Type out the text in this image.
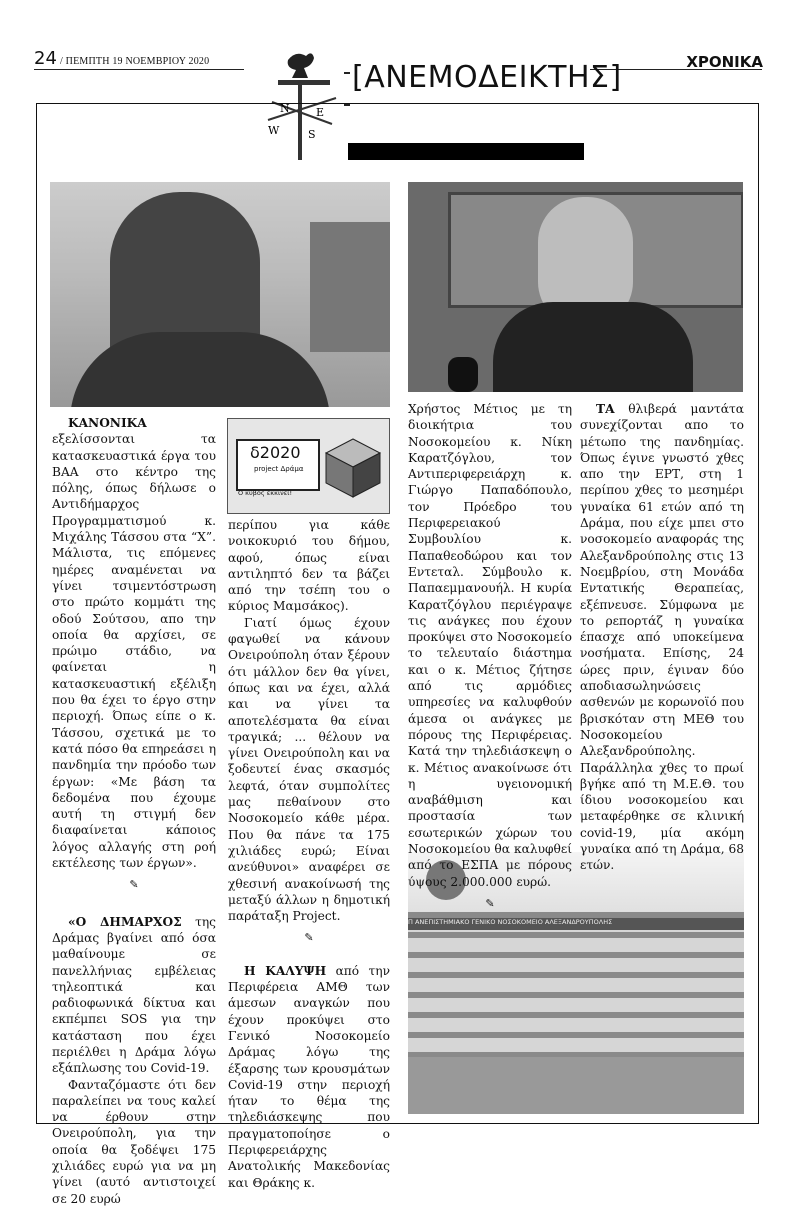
24 / ΠΕΜΠΤΗ 19 ΝΟΕΜΒΡΙΟΥ 2020	ΧΡΟΝΙΚΑ
N E
S
W
[ΑΝΕΜΟΔΕΙΚΤΗΣ]
δ2020
project Δράμα
Ο κύβος εκκινεί!
Π ΑΝΕΠΙΣΤΗΜΙΑΚΟ ΓΕΝΙΚΟ ΝΟΣΟΚΟΜΕΙΟ ΑΛΕΞΑΝΔΡΟΥΠΟΛΗΣ

ΚΑΝΟΝΙΚΑ εξελίσσονται τα κατασκευαστικά έργα του ΒΑΑ στο κέντρο της πόλης, όπως δήλωσε ο Αντιδήμαρχος Προγραμματισμού κ. Μιχάλης Τάσσου στα “Χ”. Μάλιστα, τις επόμενες ημέρες αναμένεται να γίνει τσιμεντόστρωση στο πρώτο κομμάτι της οδού Σούτσου, απο την οποία θα αρχίσει, σε πρώιμο στάδιο, να φαίνεται η κατασκευαστική εξέλιξη που θα έχει το έργο στην περιοχή. Όπως είπε ο κ. Τάσσου, σχετικά με το κατά πόσο θα επηρεάσει η πανδημία την πρόοδο των έργων: «Με βάση τα δεδομένα που έχουμε αυτή τη στιγμή δεν διαφαίνεται κάποιος λόγος αλλαγής στη ροή εκτέλεσης των έργων».

✎

«Ο ΔΗΜΑΡΧΟΣ της Δράμας βγαίνει από όσα μαθαίνουμε σε πανελλήνιας εμβέλειας τηλεοπτικά και ραδιοφωνικά δίκτυα και εκπέμπει SOS για την κατάσταση που έχει περιέλθει η Δράμα λόγω εξάπλωσης του Covid-19.

Φανταζόμαστε ότι δεν παραλείπει να τους καλεί να έρθουν στην Ονειρούπολη, για την οποία θα ξοδέψει 175 χιλιάδες ευρώ για να μη γίνει (αυτό αντιστοιχεί σε 20 ευρώ

περίπου για κάθε νοικοκυριό του δήμου, αφού, όπως είναι αντιληπτό δεν τα βάζει από την τσέπη του ο κύριος Μαμσάκος).

Γιατί όμως έχουν φαγωθεί να κάνουν Ονειρούπολη όταν ξέρουν ότι μάλλον δεν θα γίνει, όπως και να έχει, αλλά και να γίνει τα αποτελέσματα θα είναι τραγικά; ... θέλουν να γίνει Ονειρούπολη και να ξοδευτεί ένας σκασμός λεφτά, όταν συμπολίτες μας πεθαίνουν στο Νοσοκομείο κάθε μέρα. Που θα πάνε τα 175 χιλιάδες ευρώ; Είναι ανεύθυνοι» αναφέρει σε χθεσινή ανακοίνωσή της μεταξύ άλλων η δημοτική παράταξη Project.

✎

Η ΚΑΛΥΨΗ από την Περιφέρεια ΑΜΘ των άμεσων αναγκών που έχουν προκύψει στο Γενικό Νοσοκομείο Δράμας λόγω της έξαρσης των κρουσμάτων Covid-19 στην περιοχή ήταν το θέμα της τηλεδιάσκεψης που πραγματοποίησε ο Περιφερειάρχης Ανατολικής Μακεδονίας και Θράκης κ.

Χρήστος Μέτιος με τη διοικήτρια του Νοσοκομείου κ. Νίκη Καρατζόγλου, τον Αντιπεριφερειάρχη κ. Γιώργο Παπαδόπουλο, τον Πρόεδρο του Περιφερειακού Συμβουλίου κ. Παπαθεοδώρου και τον Εντεταλ. Σύμβουλο κ. Παπαεμμανουήλ. Η κυρία Καρατζόγλου περιέγραψε τις ανάγκες που έχουν προκύψει στο Νοσοκομείο το τελευταίο διάστημα και ο κ. Μέτιος ζήτησε από τις αρμόδιες υπηρεσίες να καλυφθούν άμεσα οι ανάγκες με πόρους της Περιφέρειας. Κατά την τηλεδιάσκεψη ο κ. Μέτιος ανακοίνωσε ότι η υγειονομική αναβάθμιση και προστασία των εσωτερικών χώρων του Νοσοκομείου θα καλυφθεί από το ΕΣΠΑ με πόρους ύψους 2.000.000 ευρώ.

✎

ΤΑ θλιβερά μαντάτα συνεχίζονται απο το μέτωπο της πανδημίας. Όπως έγινε γνωστό χθες απο την ΕΡΤ, στη 1 περίπου χθες το μεσημέρι γυναίκα 61 ετών από τη Δράμα, που είχε μπει στο νοσοκομείο αναφοράς της Αλεξανδρούπολης στις 13 Νοεμβρίου, στη Μονάδα Εντατικής Θεραπείας, εξέπνευσε. Σύμφωνα με το ρεπορτάζ η γυναίκα έπασχε από υποκείμενα νοσήματα. Επίσης, 24 ώρες πριν, έγιναν δύο αποδιασωληνώσεις ασθενών με κορωνοϊό που βρισκόταν στη ΜΕΘ του Νοσοκομείου Αλεξανδρούπολης. Παράλληλα χθες το πρωί βγήκε από τη Μ.Ε.Θ. του ίδιου νοσοκομείου και μεταφέρθηκε σε κλινική covid-19, μία ακόμη γυναίκα από τη Δράμα, 68 ετών.
